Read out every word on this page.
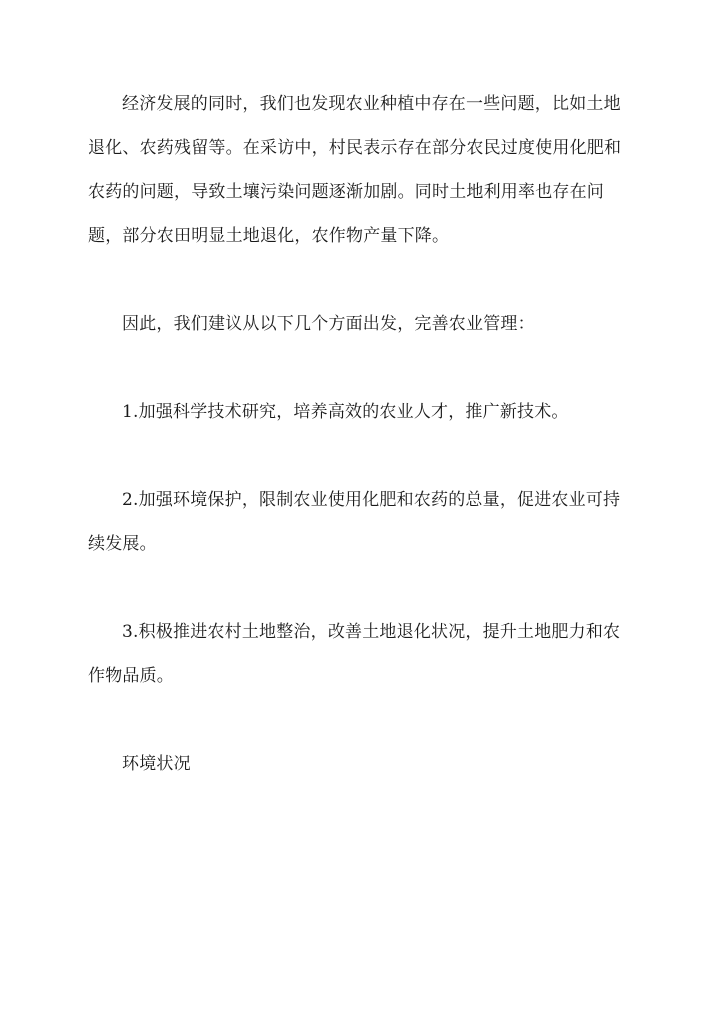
经济发展的同时，我们也发现农业种植中存在一些问题，比如土地退化、农药残留等。在采访中，村民表示存在部分农民过度使用化肥和农药的问题，导致土壤污染问题逐渐加剧。同时土地利用率也存在问题，部分农田明显土地退化，农作物产量下降。

因此，我们建议从以下几个方面出发，完善农业管理：

1.加强科学技术研究，培养高效的农业人才，推广新技术。

2.加强环境保护，限制农业使用化肥和农药的总量，促进农业可持续发展。

3.积极推进农村土地整治，改善土地退化状况，提升土地肥力和农作物品质。

环境状况
